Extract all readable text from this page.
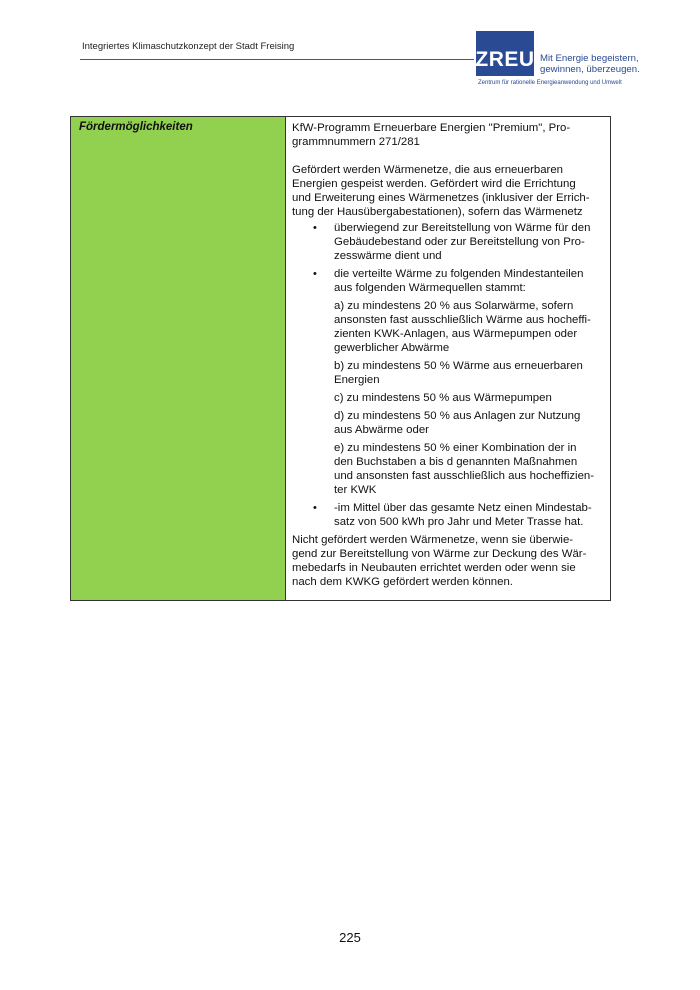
Integriertes Klimaschutzkonzept der Stadt Freising
ZREU Mit Energie begeistern,
gewinnen, überzeugen.
Zentrum für rationelle Energieanwendung und Umwelt
Fördermöglichkeiten	KfW-Programm Erneuerbare Energien "Premium", Pro-
grammnummern 271/281

Gefördert werden Wärmenetze, die aus erneuerbaren
Energien gespeist werden. Gefördert wird die Errichtung
und Erweiterung eines Wärmenetzes (inklusiver der Errich-
tung der Hausübergabestationen), sofern das Wärmenetz

• überwiegend zur Bereitstellung von Wärme für den
Gebäudebestand oder zur Bereitstellung von Pro-
zesswärme dient und
• die verteilte Wärme zu folgenden Mindestanteilen
aus folgenden Wärmequellen stammt:
a) zu mindestens 20 % aus Solarwärme, sofern
ansonsten fast ausschließlich Wärme aus hocheffi-
zienten KWK-Anlagen, aus Wärmepumpen oder
gewerblicher Abwärme
b) zu mindestens 50 % Wärme aus erneuerbaren
Energien
c) zu mindestens 50 % aus Wärmepumpen
d) zu mindestens 50 % aus Anlagen zur Nutzung
aus Abwärme oder
e) zu mindestens 50 % einer Kombination der in
den Buchstaben a bis d genannten Maßnahmen
und ansonsten fast ausschließlich aus hocheffizien-
ter KWK
• -im Mittel über das gesamte Netz einen Mindestab-
satz von 500 kWh pro Jahr und Meter Trasse hat.

Nicht gefördert werden Wärmenetze, wenn sie überwie-
gend zur Bereitstellung von Wärme zur Deckung des Wär-
mebedarfs in Neubauten errichtet werden oder wenn sie
nach dem KWKG gefördert werden können.

225
